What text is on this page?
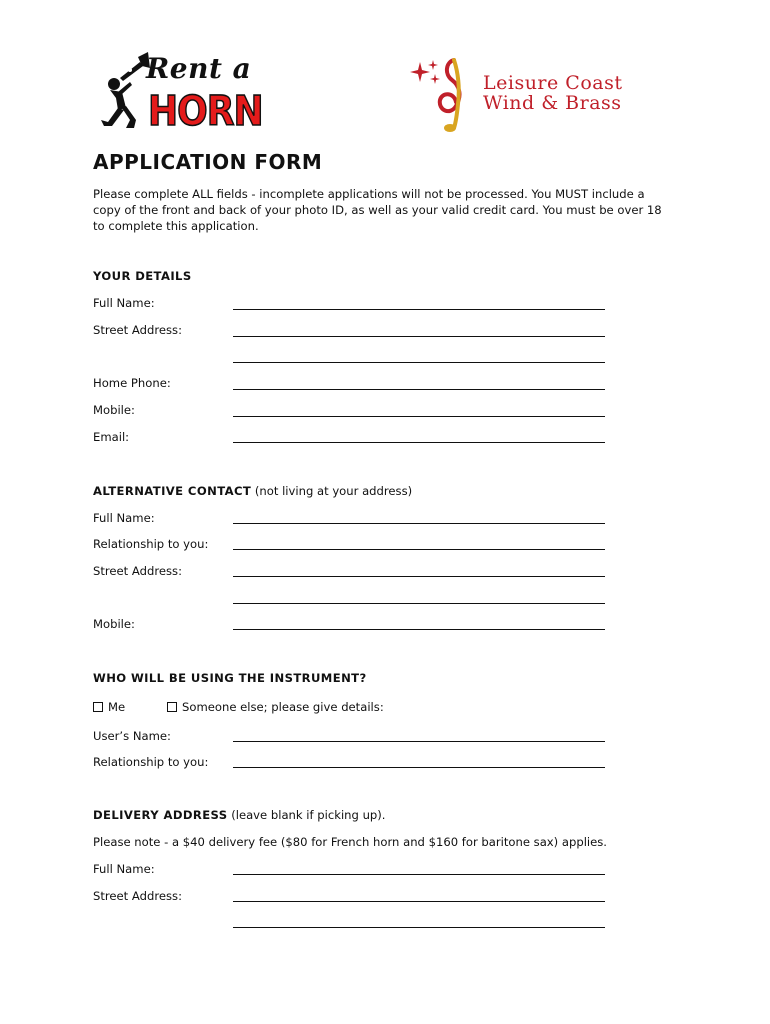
Rent a
HORN
Leisure Coast
Wind & Brass
APPLICATION FORM
Please complete ALL fields - incomplete applications will not be processed. You MUST include a copy of the front and back of your photo ID, as well as your valid credit card. You must be over 18 to complete this application.
YOUR DETAILS
Full Name:
Street Address:
Home Phone:
Mobile:
Email:
ALTERNATIVE CONTACT (not living at your address)
Full Name:
Relationship to you:
Street Address:
Mobile:
WHO WILL BE USING THE INSTRUMENT?
Me	Someone else; please give details:
User’s Name:
Relationship to you:
DELIVERY ADDRESS (leave blank if picking up).
Please note - a $40 delivery fee ($80 for French horn and $160 for baritone sax) applies.
Full Name:
Street Address:
